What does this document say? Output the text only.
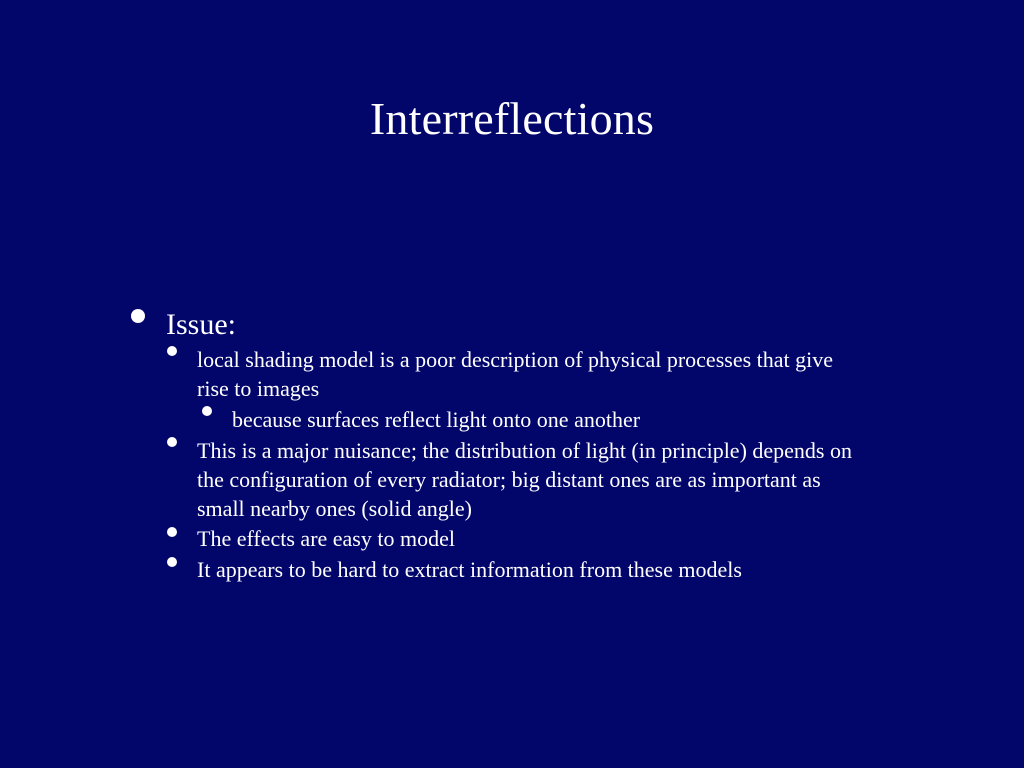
Interreflections
Issue:
local shading model is a poor description of physical processes that give
rise to images
because surfaces reflect light onto one another
This is a major nuisance; the distribution of light (in principle) depends on
the configuration of every radiator; big distant ones are as important as
small nearby ones (solid angle)
The effects are easy to model
It appears to be hard to extract information from these models
